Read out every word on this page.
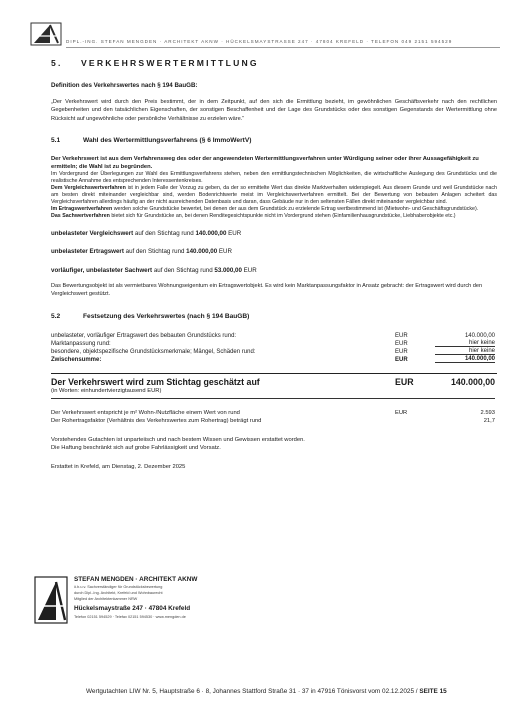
DIPL.-ING. STEFAN MENGDEN · ARCHITEKT AKNW · HÜCKELSMAYSTRASSE 247 · 47804 KREFELD · TELEFON 049 2151 594529
5.	VERKEHRSWERTERMITTLUNG
Definition des Verkehrswertes nach § 194 BauGB:
„Der Verkehrswert wird durch den Preis bestimmt, der in dem Zeitpunkt, auf den sich die Ermittlung bezieht, im gewöhnlichen Geschäftsverkehr nach den rechtlichen Gegebenheiten und den tatsächlichen Eigenschaften, der sonstigen Beschaffenheit und der Lage des Grundstücks oder des sonstigen Gegenstands der Wertermittlung ohne Rücksicht auf ungewöhnliche oder persönliche Verhältnisse zu erzielen wäre.“
5.1	Wahl des Wertermittlungsverfahrens (§ 6 ImmoWertV)
Der Verkehrswert ist aus dem Verfahrensweg des oder der angewendeten Wertermittlungsverfahren unter Würdigung seiner oder ihrer Aussagefähigkeit zu ermitteln; die Wahl ist zu begründen.
Im Vordergrund der Überlegungen zur Wahl des Ermittlungsverfahrens stehen, neben den ermittlungstechnischen Möglichkeiten, die wirtschaftliche Auslegung des Grundstücks und die realistische Annahme des entsprechenden Interessentenkreises.
Dem Vergleichswertverfahren ist in jedem Falle der Vorzug zu geben, da der so ermittelte Wert das direkte Marktverhalten widerspiegelt. Aus diesem Grunde und weil Grundstücke nach am besten direkt miteinander vergleichbar sind, werden Bodenrichtwerte meist im Vergleichswertverfahren ermittelt. Bei der Bewertung von bebauten Anlagen scheitert das Vergleichsverfahren allerdings häufig an der nicht ausreichenden Datenbasis und daran, dass Gebäude nur in den seltensten Fällen direkt miteinander vergleichbar sind.
Im Ertragswertverfahren werden solche Grundstücke bewertet, bei denen der aus dem Grundstück zu erzielende Ertrag wertbestimmend ist (Mietwohn- und Geschäftsgrundstücke).
Das Sachwertverfahren bietet sich für Grundstücke an, bei denen Renditegesichtspunkte nicht im Vordergrund stehen (Einfamilienhausgrundstücke, Liebhaberobjekte etc.)
unbelasteter Vergleichswert auf den Stichtag rund 140.000,00 EUR
unbelasteter Ertragswert auf den Stichtag rund 140.000,00 EUR
vorläufiger, unbelasteter Sachwert auf den Stichtag rund 53.000,00 EUR
Das Bewertungsobjekt ist als vermietbares Wohnungseigentum ein Ertragswertobjekt. Es wird kein Marktanpassungsfaktor in Ansatz gebracht: der Ertragswert wird durch den Vergleichswert gestützt.
5.2	Festsetzung des Verkehrswertes (nach § 194 BauGB)
unbelasteter, vorläufiger Ertragswert des bebauten Grundstücks rund:	EUR	140.000,00
Marktanpassung rund:	EUR	hier keine
besondere, objektspezifische Grundstücksmerkmale; Mängel, Schäden rund:	EUR	hier keine
Zwischensumme:	EUR	140.000,00
Der Verkehrswert wird zum Stichtag geschätzt auf	EUR	140.000,00
(in Worten: einhundertvierzigtausend EUR)
Der Verkehrswert entspricht je m² Wohn-/Nutzfläche einem Wert von rund	EUR	2.593
Der Rohertragsfaktor (Verhältnis des Verkehrswertes zum Rohertrag) beträgt rund		21,7
Vorstehendes Gutachten ist unparteiisch und nach bestem Wissen und Gewissen erstattet worden.
Die Haftung beschränkt sich auf grobe Fahrlässigkeit und Vorsatz.
Erstattet in Krefeld, am Dienstag, 2. Dezember 2025
STEFAN MENGDEN · ARCHITEKT AKNW
ö.b.u.v. Sachverständiger für Grundstücksbewertung
durch Dipl.-Ing. Architekt, Krefeld und Wohnbaurecht
Mitglied der Architektenkammer NRW
Hückelsmaystraße 247 · 47804 Krefeld
Telefon 02151 594529 · Telefax 02151 594530 · www.mengden.de
Wertgutachten LIW Nr. 5, Hauptstraße 6 · 8, Johannes Stattford Straße 31 · 37 in 47916 Tönisvorst vom 02.12.2025 / SEITE 15
